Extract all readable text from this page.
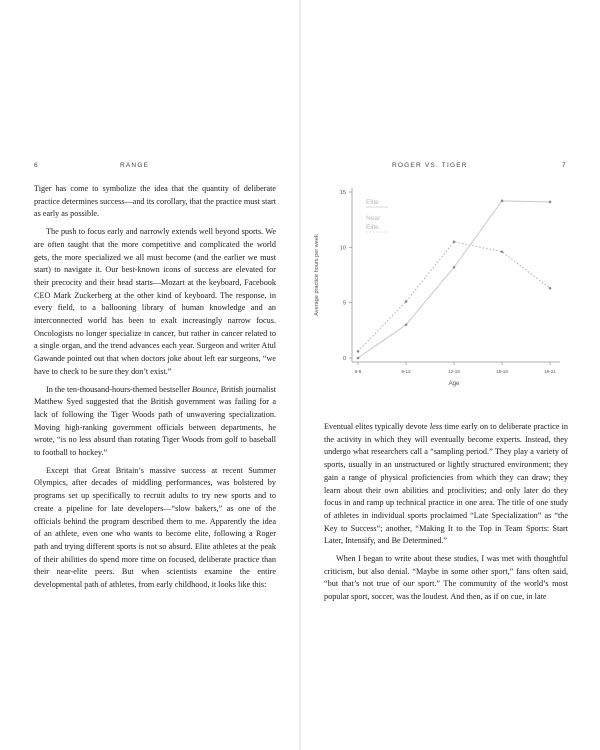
6	RANGE

Tiger has come to symbolize the idea that the quantity of deliberate practice determines success—and its corollary, that the practice must start as early as possible.

The push to focus early and narrowly extends well beyond sports. We are often taught that the more competitive and complicated the world gets, the more specialized we all must become (and the earlier we must start) to navigate it. Our best-known icons of success are elevated for their precocity and their head starts—Mozart at the keyboard, Facebook CEO Mark Zuckerberg at the other kind of keyboard. The response, in every field, to a ballooning library of human knowledge and an interconnected world has been to exalt increasingly narrow focus. Oncologists no longer specialize in cancer, but rather in cancer related to a single organ, and the trend advances each year. Surgeon and writer Atul Gawande pointed out that when doctors joke about left ear surgeons, “we have to check to be sure they don’t exist.”

In the ten-thousand-hours-themed bestseller Bounce, British journalist Matthew Syed suggested that the British government was failing for a lack of following the Tiger Woods path of unwavering specialization. Moving high-ranking government officials between departments, he wrote, “is no less absurd than rotating Tiger Woods from golf to baseball to football to hockey.”

Except that Great Britain’s massive success at recent Summer Olympics, after decades of middling performances, was bolstered by programs set up specifically to recruit adults to try new sports and to create a pipeline for late developers—“slow bakers,” as one of the officials behind the program described them to me. Apparently the idea of an athlete, even one who wants to become elite, following a Roger path and trying different sports is not so absurd. Elite athletes at the peak of their abilities do spend more time on focused, deliberate practice than their near-elite peers. But when scientists examine the entire developmental path of athletes, from early childhood, it looks like this:

ROGER VS. TIGER	7
0
5
10
15
6-8	9-12	12-15	15-18	18-21
Age
Average practice hours per week
Elite
Near
Elite

Eventual elites typically devote less time early on to deliberate practice in the activity in which they will eventually become experts. Instead, they undergo what researchers call a “sampling period.” They play a variety of sports, usually in an unstructured or lightly structured environment; they gain a range of physical proficiencies from which they can draw; they learn about their own abilities and proclivities; and only later do they focus in and ramp up technical practice in one area. The title of one study of athletes in individual sports proclaimed “Late Specialization” as “the Key to Success”; another, “Making It to the Top in Team Sports: Start Later, Intensify, and Be Determined.”

When I began to write about these studies, I was met with thoughtful criticism, but also denial. “Maybe in some other sport,” fans often said, “but that’s not true of our sport.” The community of the world’s most popular sport, soccer, was the loudest. And then, as if on cue, in late
